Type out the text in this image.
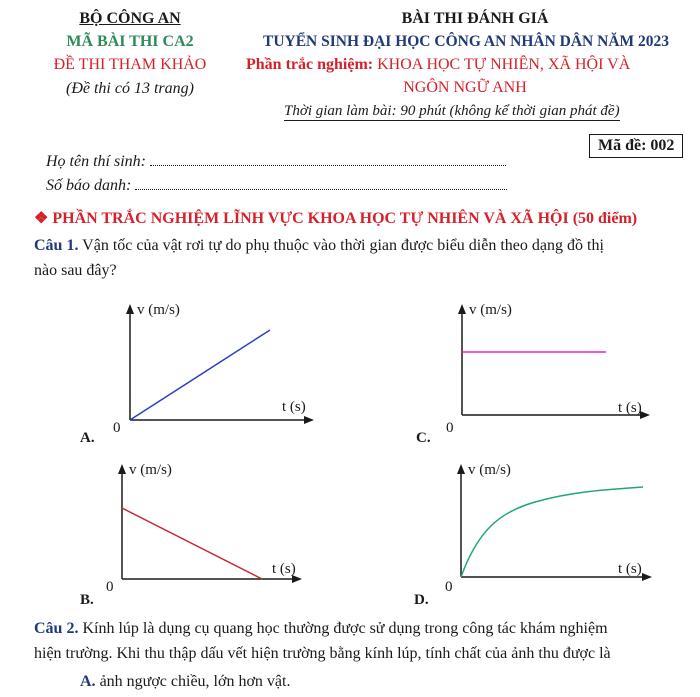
BỘ CÔNG AN
MÃ BÀI THI CA2
ĐỀ THI THAM KHẢO
(Đề thi có 13 trang)
BÀI THI ĐÁNH GIÁ
TUYỂN SINH ĐẠI HỌC CÔNG AN NHÂN DÂN NĂM 2023
Phần trắc nghiệm: KHOA HỌC TỰ NHIÊN, XÃ HỘI VÀ
NGÔN NGỮ ANH
Thời gian làm bài: 90 phút (không kể thời gian phát đề)
Mã đề: 002
Họ tên thí sinh:
Số báo danh:
❖ PHẦN TRẮC NGHIỆM LĨNH VỰC KHOA HỌC TỰ NHIÊN VÀ XÃ HỘI (50 điểm)
Câu 1. Vận tốc của vật rơi tự do phụ thuộc vào thời gian được biểu diễn theo dạng đồ thị
nào sau đây?
v (m/s)
t (s)
0
A.
v (m/s)
t (s)
0
C.
v (m/s)
t (s)
0
B.
v (m/s)
t (s)
0
D.
Câu 2. Kính lúp là dụng cụ quang học thường được sử dụng trong công tác khám nghiệm
hiện trường. Khi thu thập dấu vết hiện trường bằng kính lúp, tính chất của ảnh thu được là
A. ảnh ngược chiều, lớn hơn vật.
